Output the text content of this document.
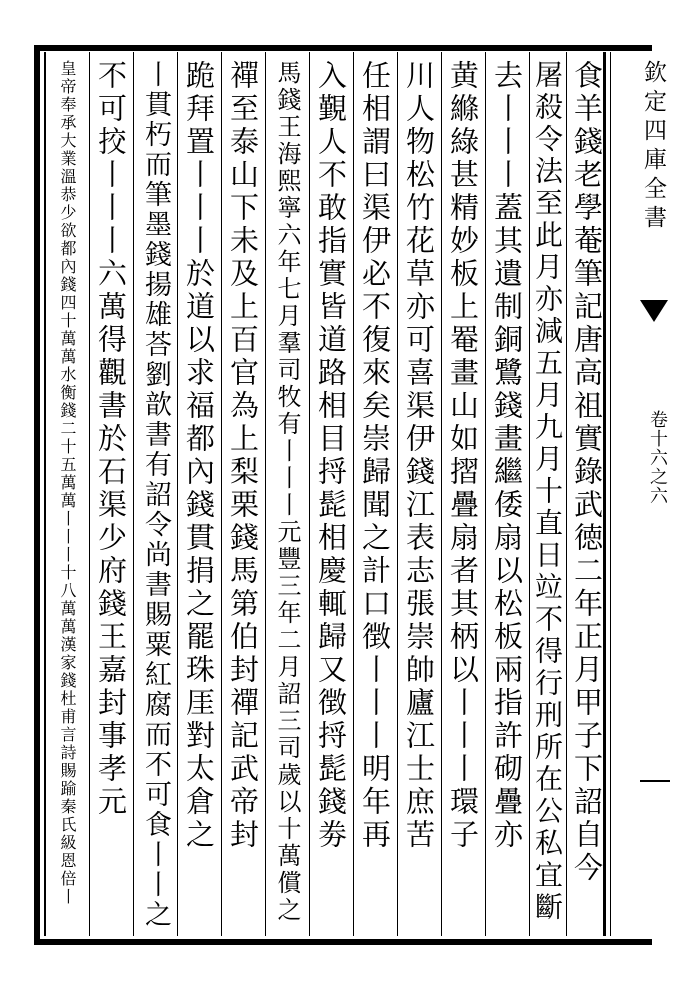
欽定四庫全書
卷十六之六
食羊錢老學菴筆記唐高祖實錄武徳二年正月甲子下詔自今
屠殺令法至此月亦減五月九月十直日竝不得行刑所在公私宜斷
去丨丨丨蓋其遺制銅鷺錢畫繼倭扇以松板兩指許砌疊亦
黄縧綠甚精妙板上罨畫山如摺疊扇者其柄以丨丨丨環子
川人物松竹花草亦可喜渠伊錢江表志張崇帥廬江士庶苦
任相謂曰渠伊必不復來矣崇歸聞之計口徴丨丨丨明年再
入覲人不敢指實皆道路相目捋髭相慶輒歸又徴捋髭錢劵
馬錢王海熙寧六年七月羣司牧有丨丨丨元豐三年二月詔三司歲以十萬償之
禪至泰山下未及上百官為上梨栗錢馬第伯封禪記武帝封
跪拜置丨丨丨於道以求福都內錢貫捐之罷珠厓對太倉之
丨貫朽而筆墨錢揚雄荅劉歆書有詔令尚書賜粟紅腐而不可食丨丨之
不可挍丨丨丨六萬得觀書於石渠少府錢王嘉封事孝元
皇帝奉承大業溫恭少欲都內錢四十萬萬水衡錢二十五萬萬丨丨丨十八萬萬漢家錢杜甫言詩賜踰秦氏級恩倍丨
